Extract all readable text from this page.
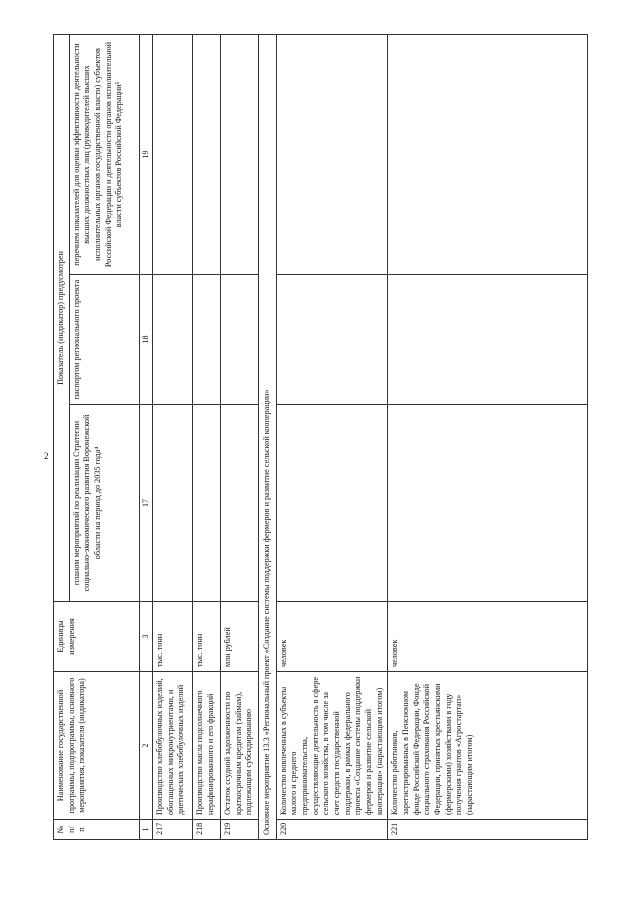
2
№ п/п	Наименование государственной программы, подпрограммы, основного мероприятия, показателя (индикатора)	Единицы измерения	Показатель (индикатор) предусмотрен		
			планом мероприятий по реализации Стратегии социально-экономического развития Воронежской области на период до 2035 года⁴	паспортом регионального проекта	перечнем показателей для оценки эффективности деятельности высших должностных лиц (руководителей высших исполнительных органов государственной власти) субъектов Российской Федерации и деятельности органов исполнительной власти субъектов Российской Федерации⁵
1	2	3	17	18	19
217	Производство хлебобулочных изделий, обогащенных микронутриентами, и диетических хлебобулочных изделий	тыс. тонн			
218	Производство масла подсолнечного нерафинированного и его фракций	тыс. тонн			
219	Остаток ссудной задолженности по краткосрочным кредитам (займам), подлежащим субсидированию	млн рублей			
Основное мероприятие 13.3 «Региональный проект «Создание системы поддержки фермеров и развитие сельской кооперации»					
220	Количество вовлеченных в субъекты малого и среднего предпринимательства, осуществляющие деятельность в сфере сельского хозяйства, в том числе за счет средств государственной поддержки, в рамках федерального проекта «Создание системы поддержки фермеров и развитие сельской кооперации» (нарастающим итогом)	человек			
221	Количество работников, зарегистрированных в Пенсионном фонде Российской Федерации, Фонде социального страхования Российской Федерации, принятых крестьянскими (фермерскими) хозяйствами в году получения грантов «Агростартап» (нарастающим итогом)	человек			
